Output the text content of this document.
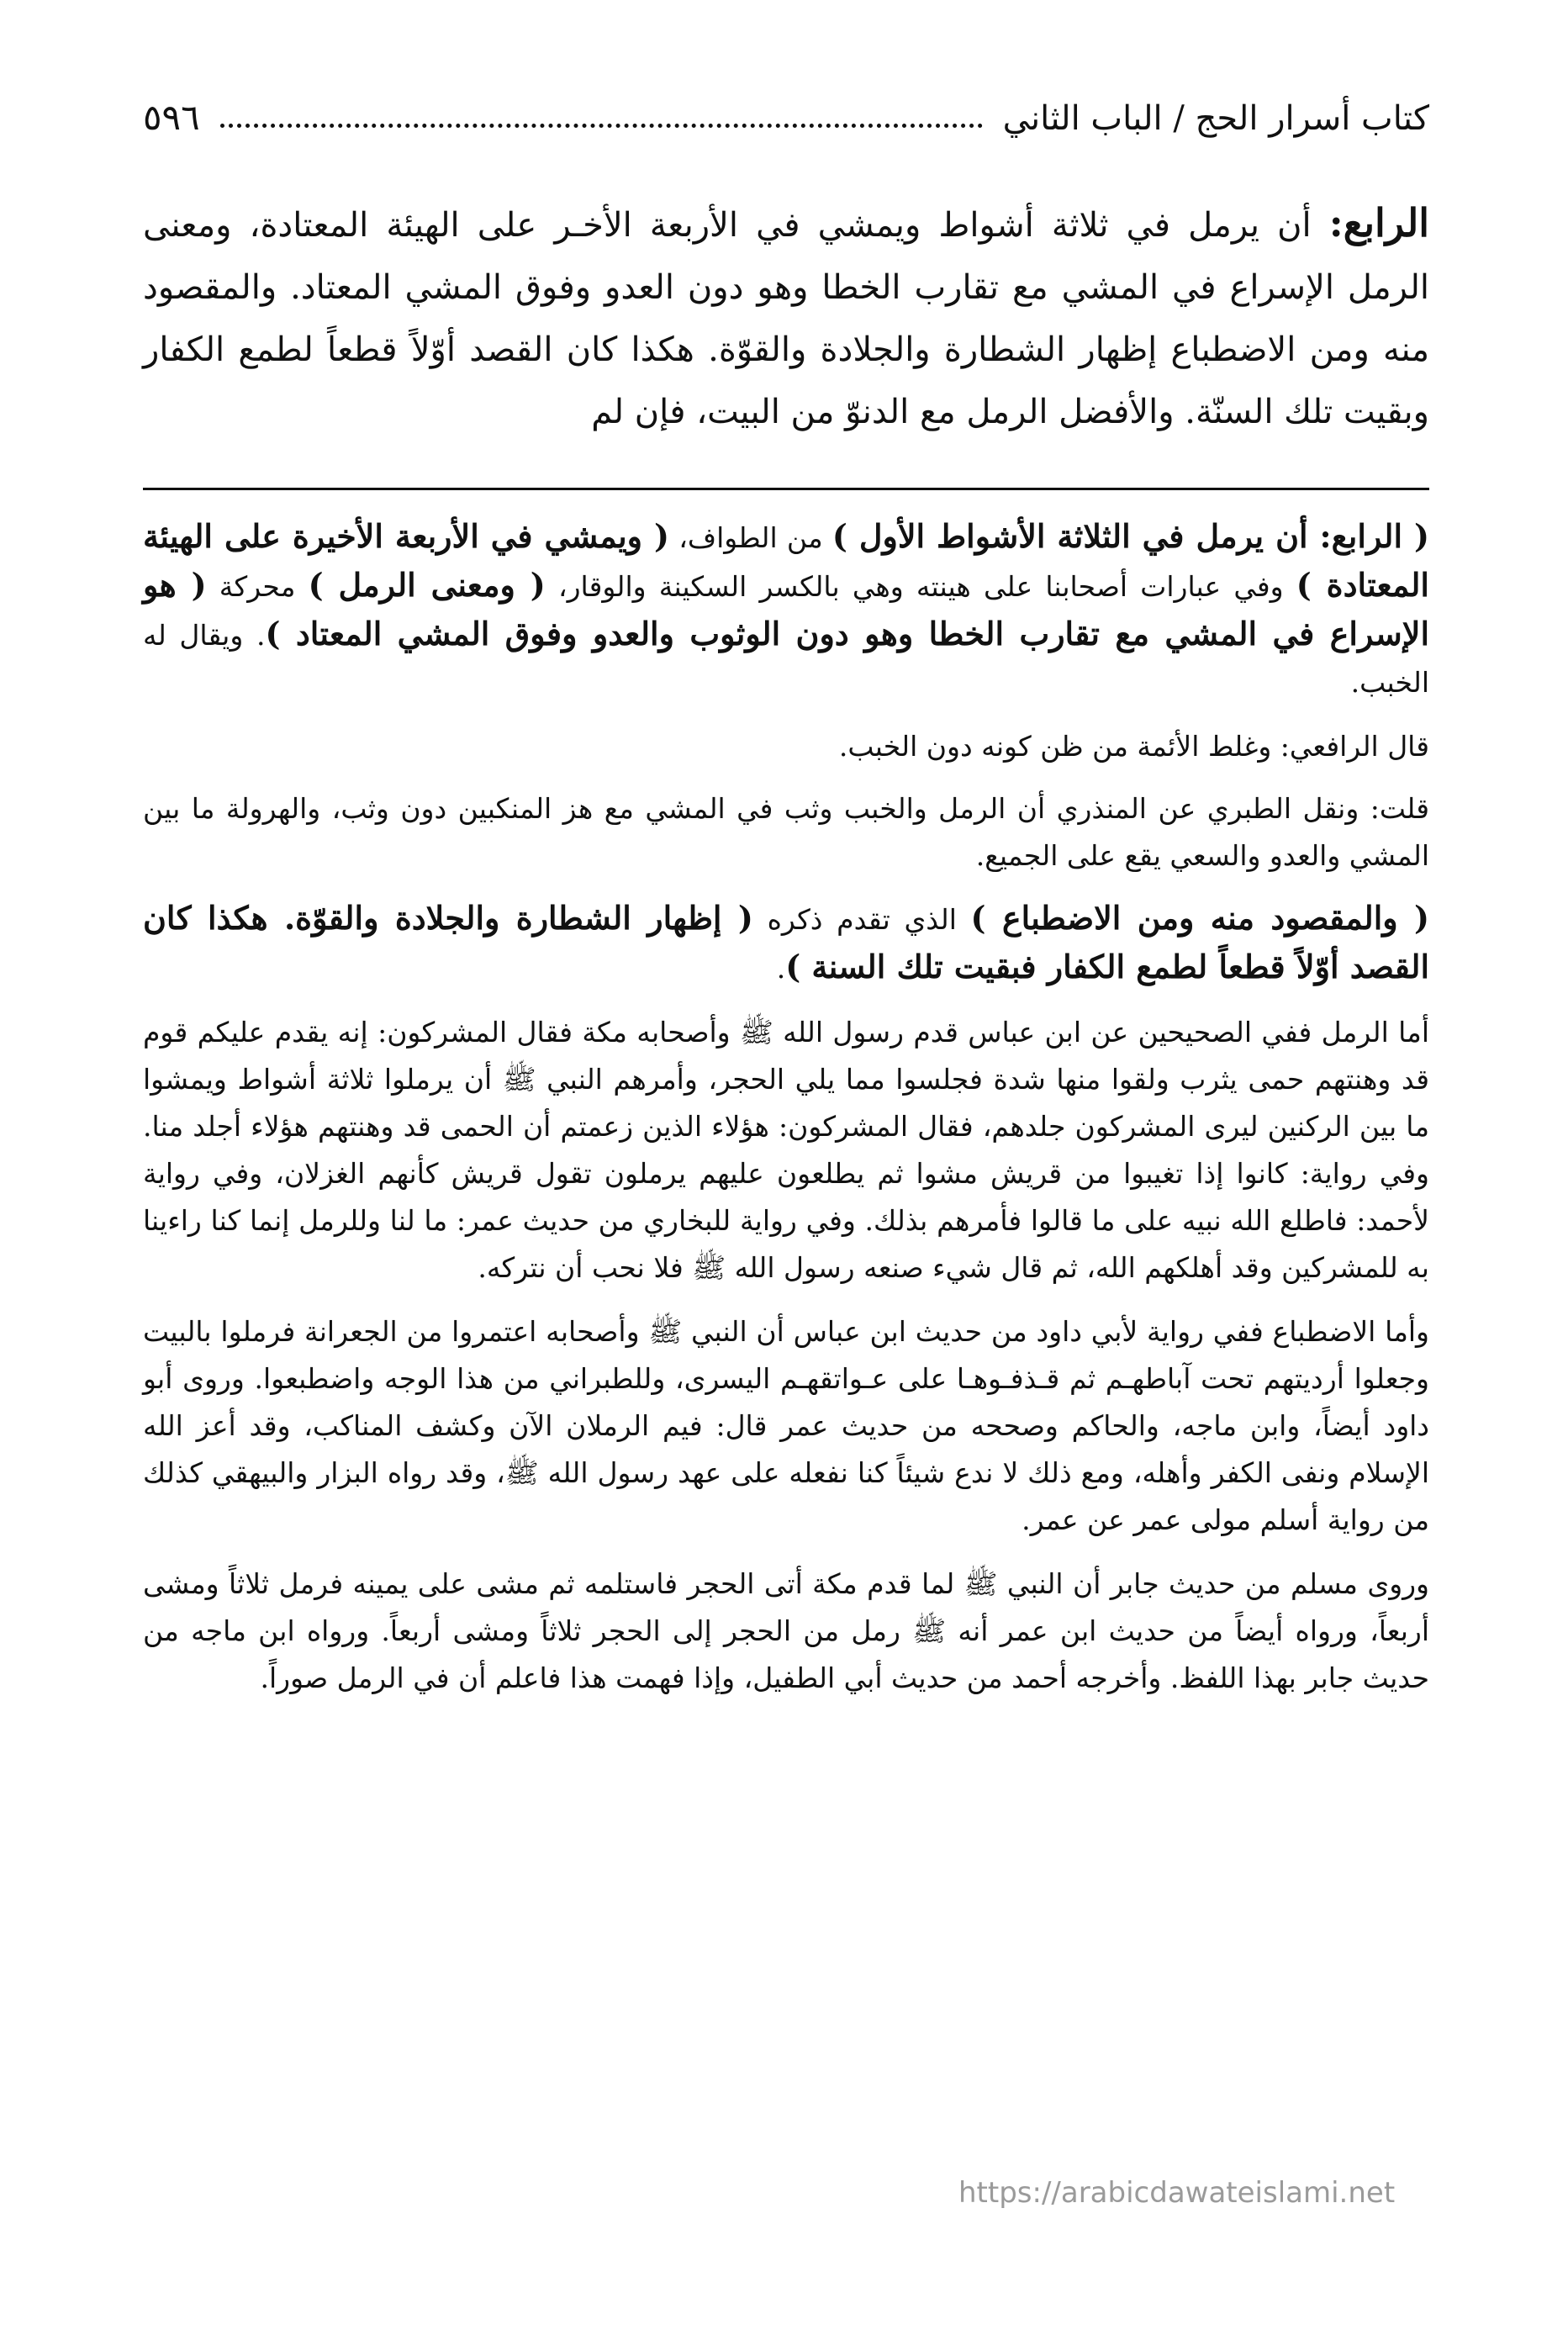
كتاب أسرار الحج / الباب الثاني
٥٩٦

الرابع: أن يرمل في ثلاثة أشواط ويمشي في الأربعة الأخـر على الهيئة المعتادة، ومعنى الرمل الإسراع في المشي مع تقارب الخطا وهو دون العدو وفوق المشي المعتاد. والمقصود منه ومن الاضطباع إظهار الشطارة والجلادة والقوّة. هكذا كان القصد أوّلاً قطعاً لطمع الكفار وبقيت تلك السنّة. والأفضل الرمل مع الدنوّ من البيت، فإن لم

( الرابع: أن يرمل في الثلاثة الأشواط الأول ) من الطواف، ( ويمشي في الأربعة الأخيرة على الهيئة المعتادة ) وفي عبارات أصحابنا على هينته وهي بالكسر السكينة والوقار، ( ومعنى الرمل ) محركة ( هو الإسراع في المشي مع تقارب الخطا وهو دون الوثوب والعدو وفوق المشي المعتاد ). ويقال له الخبب.

قال الرافعي: وغلط الأئمة من ظن كونه دون الخبب.

قلت: ونقل الطبري عن المنذري أن الرمل والخبب وثب في المشي مع هز المنكبين دون وثب، والهرولة ما بين المشي والعدو والسعي يقع على الجميع.

( والمقصود منه ومن الاضطباع ) الذي تقدم ذكره ( إظهار الشطارة والجلادة والقوّة. هكذا كان القصد أوّلاً قطعاً لطمع الكفار فبقيت تلك السنة ).

أما الرمل ففي الصحيحين عن ابن عباس قدم رسول الله ﷺ وأصحابه مكة فقال المشركون: إنه يقدم عليكم قوم قد وهنتهم حمى يثرب ولقوا منها شدة فجلسوا مما يلي الحجر، وأمرهم النبي ﷺ أن يرملوا ثلاثة أشواط ويمشوا ما بين الركنين ليرى المشركون جلدهم، فقال المشركون: هؤلاء الذين زعمتم أن الحمى قد وهنتهم هؤلاء أجلد منا. وفي رواية: كانوا إذا تغيبوا من قريش مشوا ثم يطلعون عليهم يرملون تقول قريش كأنهم الغزلان، وفي رواية لأحمد: فاطلع الله نبيه على ما قالوا فأمرهم بذلك. وفي رواية للبخاري من حديث عمر: ما لنا وللرمل إنما كنا راءينا به للمشركين وقد أهلكهم الله، ثم قال شيء صنعه رسول الله ﷺ فلا نحب أن نتركه.

وأما الاضطباع ففي رواية لأبي داود من حديث ابن عباس أن النبي ﷺ وأصحابه اعتمروا من الجعرانة فرملوا بالبيت وجعلوا أرديتهم تحت آباطهـم ثم قـذفـوهـا على عـواتقهـم اليسرى، وللطبراني من هذا الوجه واضطبعوا. وروى أبو داود أيضاً، وابن ماجه، والحاكم وصححه من حديث عمر قال: فيم الرملان الآن وكشف المناكب، وقد أعز الله الإسلام ونفى الكفر وأهله، ومع ذلك لا ندع شيئاً كنا نفعله على عهد رسول الله ﷺ، وقد رواه البزار والبيهقي كذلك من رواية أسلم مولى عمر عن عمر.

وروى مسلم من حديث جابر أن النبي ﷺ لما قدم مكة أتى الحجر فاستلمه ثم مشى على يمينه فرمل ثلاثاً ومشى أربعاً، ورواه أيضاً من حديث ابن عمر أنه ﷺ رمل من الحجر إلى الحجر ثلاثاً ومشى أربعاً. ورواه ابن ماجه من حديث جابر بهذا اللفظ. وأخرجه أحمد من حديث أبي الطفيل، وإذا فهمت هذا فاعلم أن في الرمل صوراً.

https://arabicdawateislami.net
